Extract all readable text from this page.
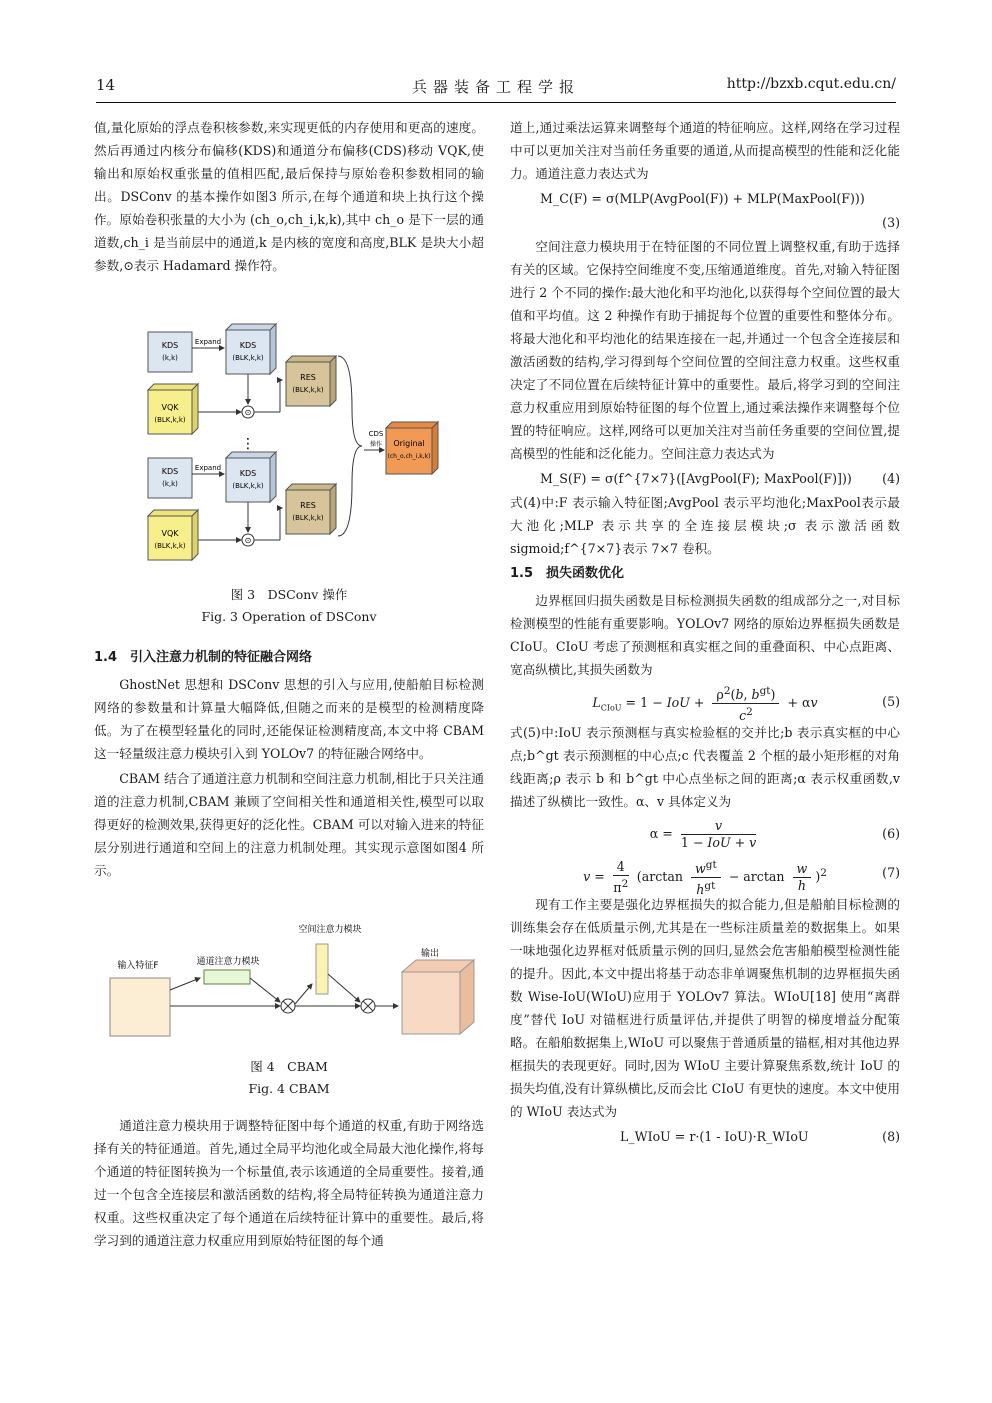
14	兵器装备工程学报	http://bzxb.cqut.edu.cn/

值,量化原始的浮点卷积核参数,来实现更低的内存使用和更高的速度。然后再通过内核分布偏移(KDS)和通道分布偏移(CDS)移动 VQK,使输出和原始权重张量的值相匹配,最后保持与原始卷积参数相同的输出。DSConv 的基本操作如图3 所示,在每个通道和块上执行这个操作。原始卷积张量的大小为 (ch_o,ch_i,k,k),其中 ch_o 是下一层的通道数,ch_i 是当前层中的通道,k 是内核的宽度和高度,BLK 是块大小超参数,⊙表示 Hadamard 操作符。

KDS
(k,k)
Expand KDS
(BLK,k,k)
VQK
(BLK,k,k)
⊙
RES
(BLK,k,k)
⋮
KDS
(k,k)
Expand
KDS
(BLK,k,k)
VQK
(BLK,k,k)
⊙
RES
(BLK,k,k)
CDS
操作 Original
(ch_o,ch_i,k,k)
图 3　DSConv 操作
Fig. 3 Operation of DSConv
1.4　引入注意力机制的特征融合网络

GhostNet 思想和 DSConv 思想的引入与应用,使船舶目标检测网络的参数量和计算量大幅降低,但随之而来的是模型的检测精度降低。为了在模型轻量化的同时,还能保证检测精度高,本文中将 CBAM 这一轻量级注意力模块引入到 YOLOv7 的特征融合网络中。

CBAM 结合了通道注意力机制和空间注意力机制,相比于只关注通道的注意力机制,CBAM 兼顾了空间相关性和通道相关性,模型可以取得更好的检测效果,获得更好的泛化性。CBAM 可以对输入进来的特征层分别进行通道和空间上的注意力机制处理。其实现示意图如图4 所示。

输入特征F	通道注意力模块
空间注意力模块
输出
图 4　CBAM
Fig. 4 CBAM

通道注意力模块用于调整特征图中每个通道的权重,有助于网络选择有关的特征通道。首先,通过全局平均池化或全局最大池化操作,将每个通道的特征图转换为一个标量值,表示该通道的全局重要性。接着,通过一个包含全连接层和激活函数的结构,将全局特征转换为通道注意力权重。这些权重决定了每个通道在后续特征计算中的重要性。最后,将学习到的通道注意力权重应用到原始特征图的每个通

道上,通过乘法运算来调整每个通道的特征响应。这样,网络在学习过程中可以更加关注对当前任务重要的通道,从而提高模型的性能和泛化能力。通道注意力表达式为

M_C(F) = σ(MLP(AvgPool(F)) + MLP(MaxPool(F)))
(3)

空间注意力模块用于在特征图的不同位置上调整权重,有助于选择有关的区域。它保持空间维度不变,压缩通道维度。首先,对输入特征图进行 2 个不同的操作:最大池化和平均池化,以获得每个空间位置的最大值和平均值。这 2 种操作有助于捕捉每个位置的重要性和整体分布。将最大池化和平均池化的结果连接在一起,并通过一个包含全连接层和激活函数的结构,学习得到每个空间位置的空间注意力权重。这些权重决定了不同位置在后续特征计算中的重要性。最后,将学习到的空间注意力权重应用到原始特征图的每个位置上,通过乘法操作来调整每个位置的特征响应。这样,网络可以更加关注对当前任务重要的空间位置,提高模型的性能和泛化能力。空间注意力表达式为

M_S(F) = σ(f^{7×7}([AvgPool(F); MaxPool(F)])) (4)

式(4)中:F 表示输入特征图;AvgPool 表示平均池化;MaxPool表示最大池化;MLP 表示共享的全连接层模块;σ 表示激活函数 sigmoid;f^{7×7}表示 7×7 卷积。

1.5　损失函数优化

边界框回归损失函数是目标检测损失函数的组成部分之一,对目标检测模型的性能有重要影响。YOLOv7 网络的原始边界框损失函数是 CIoU。CIoU 考虑了预测框和真实框之间的重叠面积、中心点距离、宽高纵横比,其损失函数为

$L_{CIoU} = 1$ − IoU + $\frac{\rho^2(b, b^{gt})}{c^2} + \alpha v$	(5)

式(5)中:IoU 表示预测框与真实检验框的交并比;b 表示真实框的中心点;b^gt 表示预测框的中心点;c 代表覆盖 2 个框的最小矩形框的对角线距离;ρ 表示 b 和 b^gt 中心点坐标之间的距离;α 表示权重函数,v 描述了纵横比一致性。α、v 具体定义为

$\alpha = \frac{v}{\text{1 − IoU + v}}$	(6)
$v = \frac{4}{\pi^2} (\arctan \frac{w^{gt}}{h^{gt}} - \arctan \frac{w}{h} )^2$	(7)

现有工作主要是强化边界框损失的拟合能力,但是船舶目标检测的训练集会存在低质量示例,尤其是在一些标注质量差的数据集上。如果一味地强化边界框对低质量示例的回归,显然会危害船舶模型检测性能的提升。因此,本文中提出将基于动态非单调聚焦机制的边界框损失函数 Wise-IoU(WIoU)应用于 YOLOv7 算法。WIoU[18] 使用“离群度”替代 IoU 对锚框进行质量评估,并提供了明智的梯度增益分配策略。在船舶数据集上,WIoU 可以聚焦于普通质量的锚框,相对其他边界框损失的表现更好。同时,因为 WIoU 主要计算聚焦系数,统计 IoU 的损失均值,没有计算纵横比,反而会比 CIoU 有更快的速度。本文中使用的 WIoU 表达式为

L_WIoU = r·(1 - IoU)·R_WIoU	(8)
